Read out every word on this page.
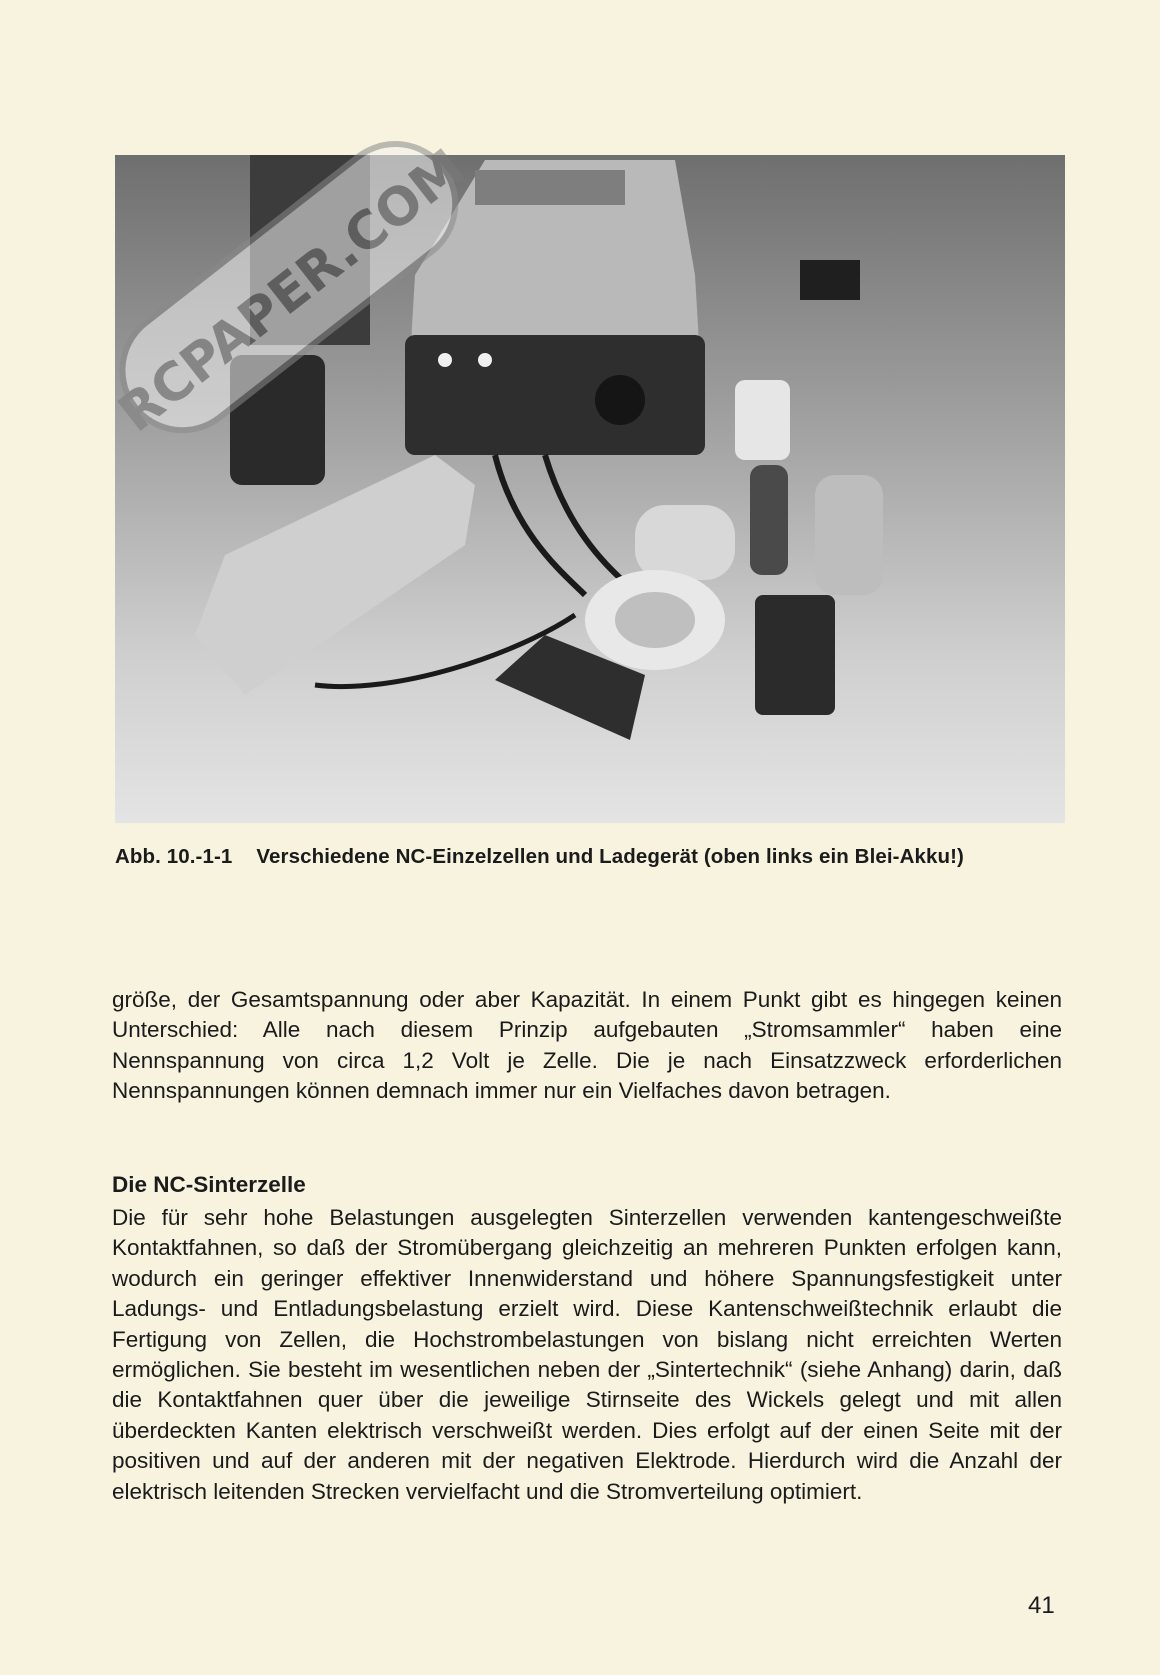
RCPAPER.COM
Abb. 10.-1-1 Verschiedene NC-Einzelzellen und Ladegerät (oben links ein Blei-Akku!)
größe, der Gesamtspannung oder aber Kapazität. In einem Punkt gibt es hingegen keinen Unterschied: Alle nach diesem Prinzip aufgebauten „Stromsammler“ haben eine Nennspannung von circa 1,2 Volt je Zelle. Die je nach Einsatzzweck erforderlichen Nennspannungen können demnach immer nur ein Vielfaches davon betragen.
Die NC-Sinterzelle
Die für sehr hohe Belastungen ausgelegten Sinterzellen verwenden kantengeschweißte Kontaktfahnen, so daß der Stromübergang gleichzeitig an mehreren Punkten erfolgen kann, wodurch ein geringer effektiver Innenwiderstand und höhere Spannungsfestigkeit unter Ladungs- und Entladungsbelastung erzielt wird. Diese Kantenschweißtechnik erlaubt die Fertigung von Zellen, die Hochstrombelastungen von bislang nicht erreichten Werten ermöglichen. Sie besteht im wesentlichen neben der „Sintertechnik“ (siehe Anhang) darin, daß die Kontaktfahnen quer über die jeweilige Stirnseite des Wickels gelegt und mit allen überdeckten Kanten elektrisch verschweißt werden. Dies erfolgt auf der einen Seite mit der positiven und auf der anderen mit der negativen Elektrode. Hierdurch wird die Anzahl der elektrisch leitenden Strecken vervielfacht und die Stromverteilung optimiert.
41
